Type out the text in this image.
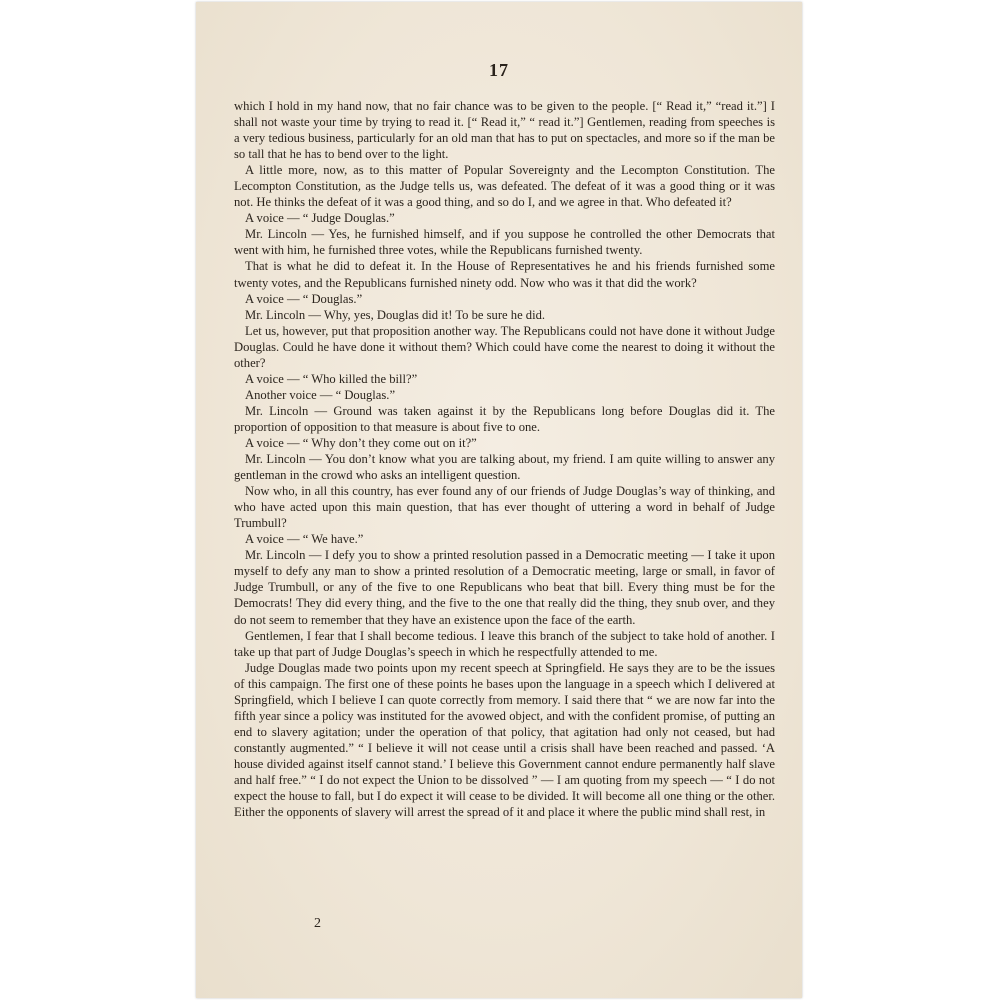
17

which I hold in my hand now, that no fair chance was to be given to the people. [“ Read it,” “read it.”] I shall not waste your time by trying to read it. [“ Read it,” “ read it.”] Gentlemen, reading from speeches is a very tedious business, particularly for an old man that has to put on spectacles, and more so if the man be so tall that he has to bend over to the light.

A little more, now, as to this matter of Popular Sovereignty and the Lecompton Constitution. The Lecompton Constitution, as the Judge tells us, was defeated. The defeat of it was a good thing or it was not. He thinks the defeat of it was a good thing, and so do I, and we agree in that. Who defeated it?

A voice — “ Judge Douglas.”

Mr. Lincoln — Yes, he furnished himself, and if you suppose he controlled the other Democrats that went with him, he furnished three votes, while the Republicans furnished twenty.

That is what he did to defeat it. In the House of Representatives he and his friends furnished some twenty votes, and the Republicans furnished ninety odd. Now who was it that did the work?

A voice — “ Douglas.”

Mr. Lincoln — Why, yes, Douglas did it! To be sure he did.

Let us, however, put that proposition another way. The Republicans could not have done it without Judge Douglas. Could he have done it without them? Which could have come the nearest to doing it without the other?

A voice — “ Who killed the bill?”

Another voice — “ Douglas.”

Mr. Lincoln — Ground was taken against it by the Republicans long before Douglas did it. The proportion of opposition to that measure is about five to one.

A voice — “ Why don’t they come out on it?”

Mr. Lincoln — You don’t know what you are talking about, my friend. I am quite willing to answer any gentleman in the crowd who asks an intelligent question.

Now who, in all this country, has ever found any of our friends of Judge Douglas’s way of thinking, and who have acted upon this main question, that has ever thought of uttering a word in behalf of Judge Trumbull?

A voice — “ We have.”

Mr. Lincoln — I defy you to show a printed resolution passed in a Democratic meeting — I take it upon myself to defy any man to show a printed resolution of a Democratic meeting, large or small, in favor of Judge Trumbull, or any of the five to one Republicans who beat that bill. Every thing must be for the Democrats! They did every thing, and the five to the one that really did the thing, they snub over, and they do not seem to remember that they have an existence upon the face of the earth.

Gentlemen, I fear that I shall become tedious. I leave this branch of the subject to take hold of another. I take up that part of Judge Douglas’s speech in which he respectfully attended to me.

Judge Douglas made two points upon my recent speech at Springfield. He says they are to be the issues of this campaign. The first one of these points he bases upon the language in a speech which I delivered at Springfield, which I believe I can quote correctly from memory. I said there that “ we are now far into the fifth year since a policy was instituted for the avowed object, and with the confident promise, of putting an end to slavery agitation; under the operation of that policy, that agitation had only not ceased, but had constantly augmented.” “ I believe it will not cease until a crisis shall have been reached and passed. ‘A house divided against itself cannot stand.’ I believe this Government cannot endure permanently half slave and half free.” “ I do not expect the Union to be dissolved ” — I am quoting from my speech — “ I do not expect the house to fall, but I do expect it will cease to be divided. It will become all one thing or the other. Either the opponents of slavery will arrest the spread of it and place it where the public mind shall rest, in

2
